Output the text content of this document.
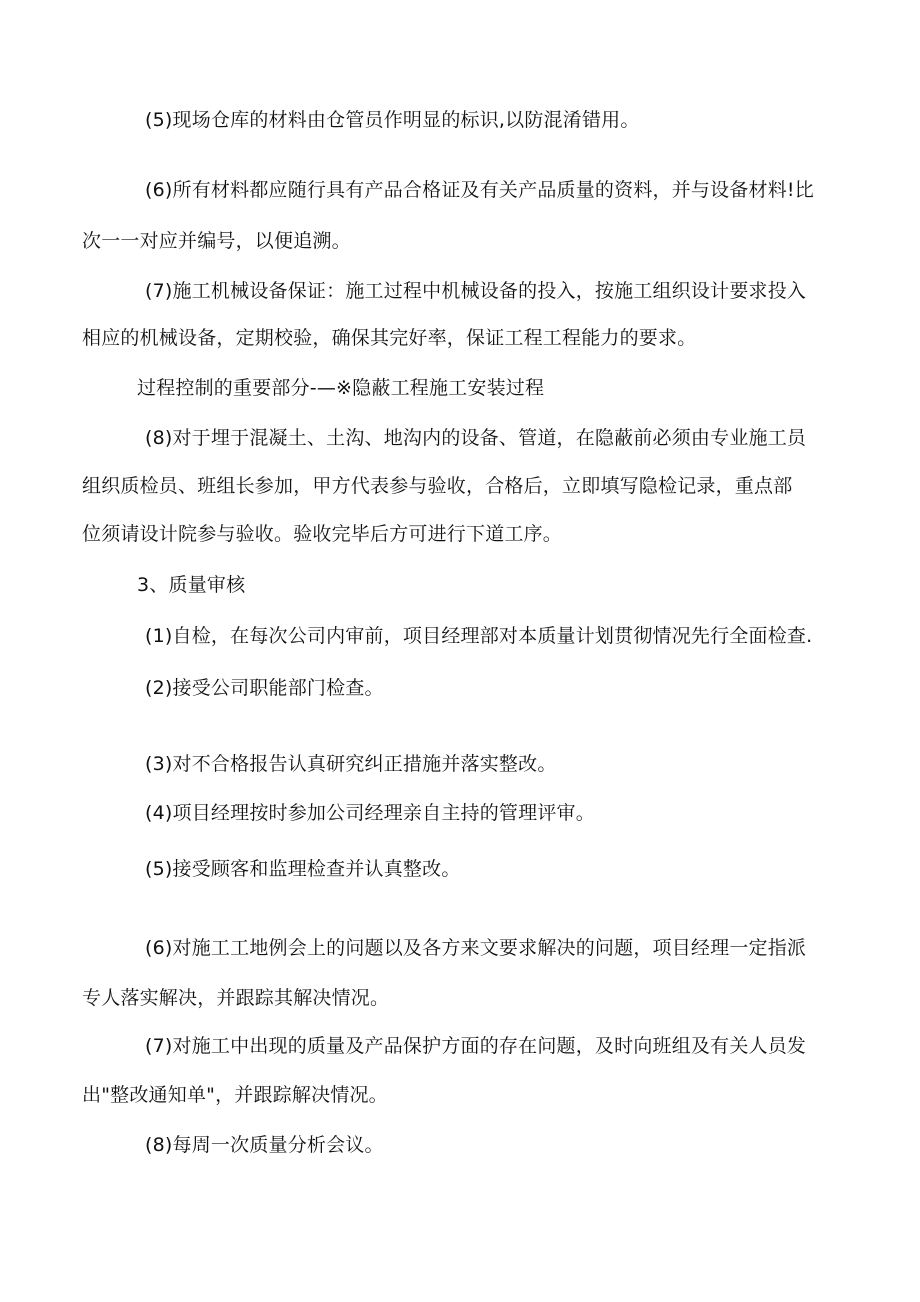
(5)现场仓库的材料由仓管员作明显的标识,以防混淆错用。
(6)所有材料都应随行具有产品合格证及有关产品质量的资料，并与设备材料!比
次一一对应并编号，以便追溯。
(7)施工机械设备保证：施工过程中机械设备的投入，按施工组织设计要求投入
相应的机械设备，定期校验，确保其完好率，保证工程工程能力的要求。
过程控制的重要部分-—※隐蔽工程施工安装过程
(8)对于埋于混凝土、土沟、地沟内的设备、管道，在隐蔽前必须由专业施工员
组织质检员、班组长参加，甲方代表参与验收，合格后，立即填写隐检记录，重点部
位须请设计院参与验收。验收完毕后方可进行下道工序。
3、质量审核
(1)自检，在每次公司内审前，项目经理部对本质量计划贯彻情况先行全面检查.
(2)接受公司职能部门检查。
(3)对不合格报告认真研究纠正措施并落实整改。
(4)项目经理按时参加公司经理亲自主持的管理评审。
(5)接受顾客和监理检查并认真整改。
(6)对施工工地例会上的问题以及各方来文要求解决的问题，项目经理一定指派
专人落实解决，并跟踪其解决情况。
(7)对施工中出现的质量及产品保护方面的存在问题，及时向班组及有关人员发
出"整改通知单"，并跟踪解决情况。
(8)每周一次质量分析会议。
